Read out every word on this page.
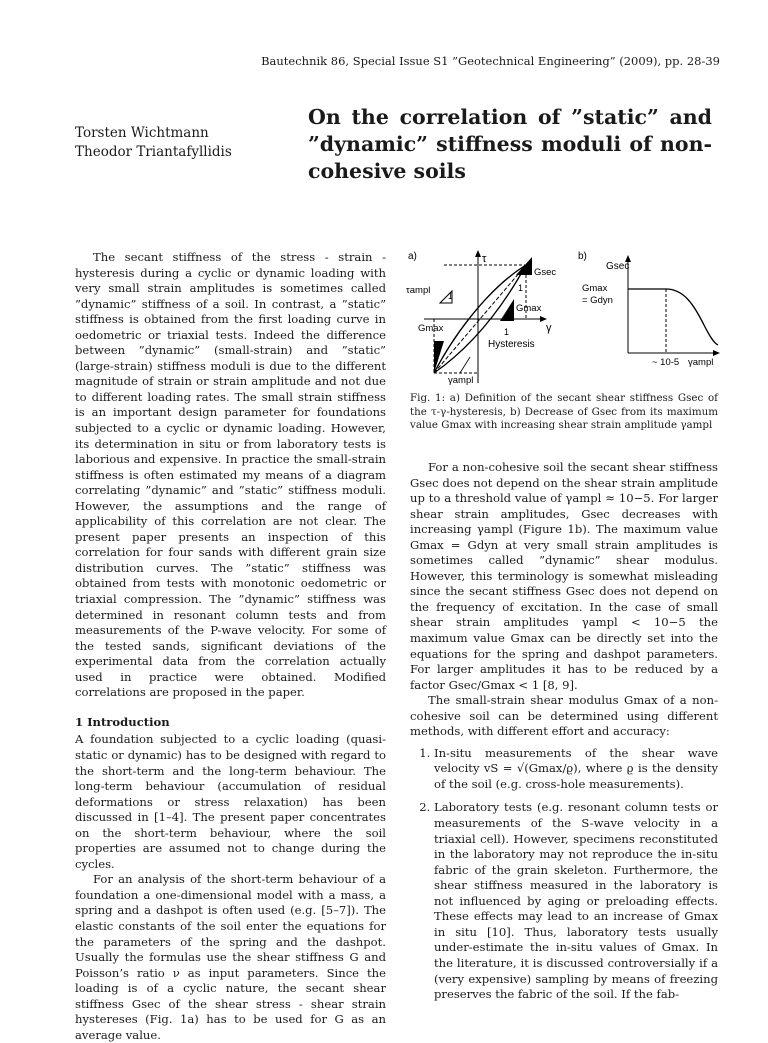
Bautechnik 86, Special Issue S1 ”Geotechnical Engineering” (2009), pp. 28-39
Torsten Wichtmann
Theodor Triantafyllidis
On the correlation of ”static” and ”dynamic” stiffness moduli of non-cohesive soils

The secant stiffness of the stress - strain - hysteresis during a cyclic or dynamic loading with very small strain amplitudes is sometimes called ”dynamic” stiffness of a soil. In contrast, a ”static” stiffness is obtained from the first loading curve in oedometric or triaxial tests. Indeed the difference between ”dynamic” (small-strain) and ”static” (large-strain) stiffness moduli is due to the different magnitude of strain or strain amplitude and not due to different loading rates. The small strain stiffness is an important design parameter for foundations subjected to a cyclic or dynamic loading. However, its determination in situ or from laboratory tests is laborious and expensive. In practice the small-strain stiffness is often estimated my means of a diagram correlating ”dynamic” and ”static” stiffness moduli. However, the assumptions and the range of applicability of this correlation are not clear. The present paper presents an inspection of this correlation for four sands with different grain size distribution curves. The ”static” stiffness was obtained from tests with monotonic oedometric or triaxial compression. The ”dynamic” stiffness was determined in resonant column tests and from measurements of the P-wave velocity. For some of the tested sands, significant deviations of the experimental data from the correlation actually used in practice were obtained. Modified correlations are proposed in the paper.

1 Introduction

A foundation subjected to a cyclic loading (quasi-static or dynamic) has to be designed with regard to the short-term and the long-term behaviour. The long-term behaviour (accumulation of residual deformations or stress relaxation) has been discussed in [1–4]. The present paper concentrates on the short-term behaviour, where the soil properties are assumed not to change during the cycles.

For an analysis of the short-term behaviour of a foundation a one-dimensional model with a mass, a spring and a dashpot is often used (e.g. [5–7]). The elastic constants of the soil enter the equations for the parameters of the spring and the dashpot. Usually the formulas use the shear stiffness G and Poisson’s ratio ν as input parameters. Since the loading is of a cyclic nature, the secant shear stiffness Gsec of the shear stress - shear strain hystereses (Fig. 1a) has to be used for G as an average value.

a)	τ
γ
τampl 1
Gmax
Gsec
1
Gmax
1
Hysteresis
γampl
b)
Gsec
Gmax
= Gdyn
~ 10-5 γampl
Fig. 1: a) Definition of the secant shear stiffness Gsec of the τ-γ-hysteresis, b) Decrease of Gsec from its maximum value Gmax with increasing shear strain amplitude γampl

For a non-cohesive soil the secant shear stiffness Gsec does not depend on the shear strain amplitude up to a threshold value of γampl ≈ 10−5. For larger shear strain amplitudes, Gsec decreases with increasing γampl (Figure 1b). The maximum value Gmax = Gdyn at very small strain amplitudes is sometimes called ”dynamic” shear modulus. However, this terminology is somewhat misleading since the secant stiffness Gsec does not depend on the frequency of excitation. In the case of small shear strain amplitudes γampl < 10−5 the maximum value Gmax can be directly set into the equations for the spring and dashpot parameters. For larger amplitudes it has to be reduced by a factor Gsec/Gmax < 1 [8, 9].

The small-strain shear modulus Gmax of a non-cohesive soil can be determined using different methods, with different effort and accuracy:

1. In-situ measurements of the shear wave velocity vS = √(Gmax/ϱ), where ϱ is the density of the soil (e.g. cross-hole measurements).
2. Laboratory tests (e.g. resonant column tests or measurements of the S-wave velocity in a triaxial cell). However, specimens reconstituted in the laboratory may not reproduce the in-situ fabric of the grain skeleton. Furthermore, the shear stiffness measured in the laboratory is not influenced by aging or preloading effects. These effects may lead to an increase of Gmax in situ [10]. Thus, laboratory tests usually under-estimate the in-situ values of Gmax. In the literature, it is discussed controversially if a (very expensive) sampling by means of freezing preserves the fabric of the soil. If the fab-
